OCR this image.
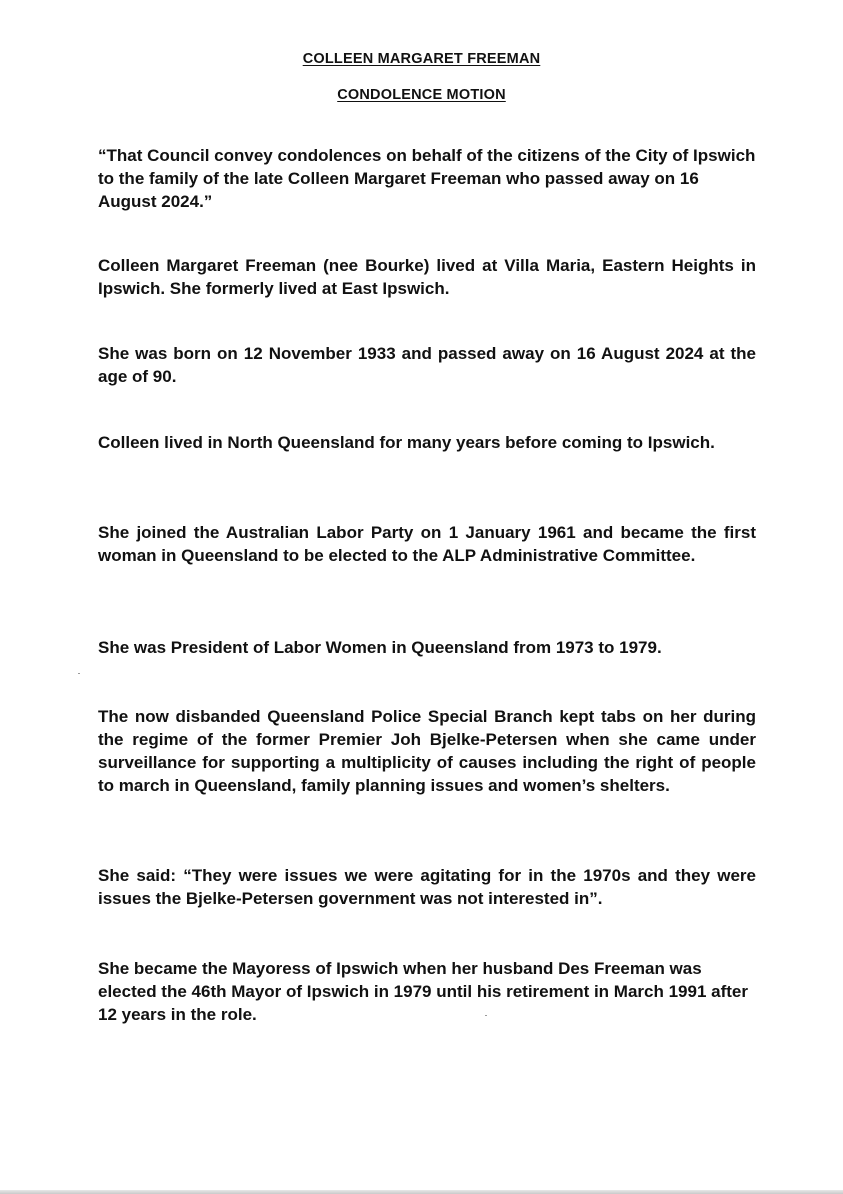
COLLEEN MARGARET FREEMAN
CONDOLENCE MOTION

“That Council convey condolences on behalf of the citizens of the City of Ipswich to the family of the late Colleen Margaret Freeman who passed away on 16 August 2024.”

Colleen Margaret Freeman (nee Bourke) lived at Villa Maria, Eastern Heights in Ipswich. She formerly lived at East Ipswich.

She was born on 12 November 1933 and passed away on 16 August 2024 at the age of 90.

Colleen lived in North Queensland for many years before coming to Ipswich.

She joined the Australian Labor Party on 1 January 1961 and became the first woman in Queensland to be elected to the ALP Administrative Committee.

She was President of Labor Women in Queensland from 1973 to 1979.

The now disbanded Queensland Police Special Branch kept tabs on her during the regime of the former Premier Joh Bjelke-Petersen when she came under surveillance for supporting a multiplicity of causes including the right of people to march in Queensland, family planning issues and women’s shelters.

She said: “They were issues we were agitating for in the 1970s and they were issues the Bjelke-Petersen government was not interested in”.

She became the Mayoress of Ipswich when her husband Des Freeman was elected the 46th Mayor of Ipswich in 1979 until his retirement in March 1991 after 12 years in the role.
